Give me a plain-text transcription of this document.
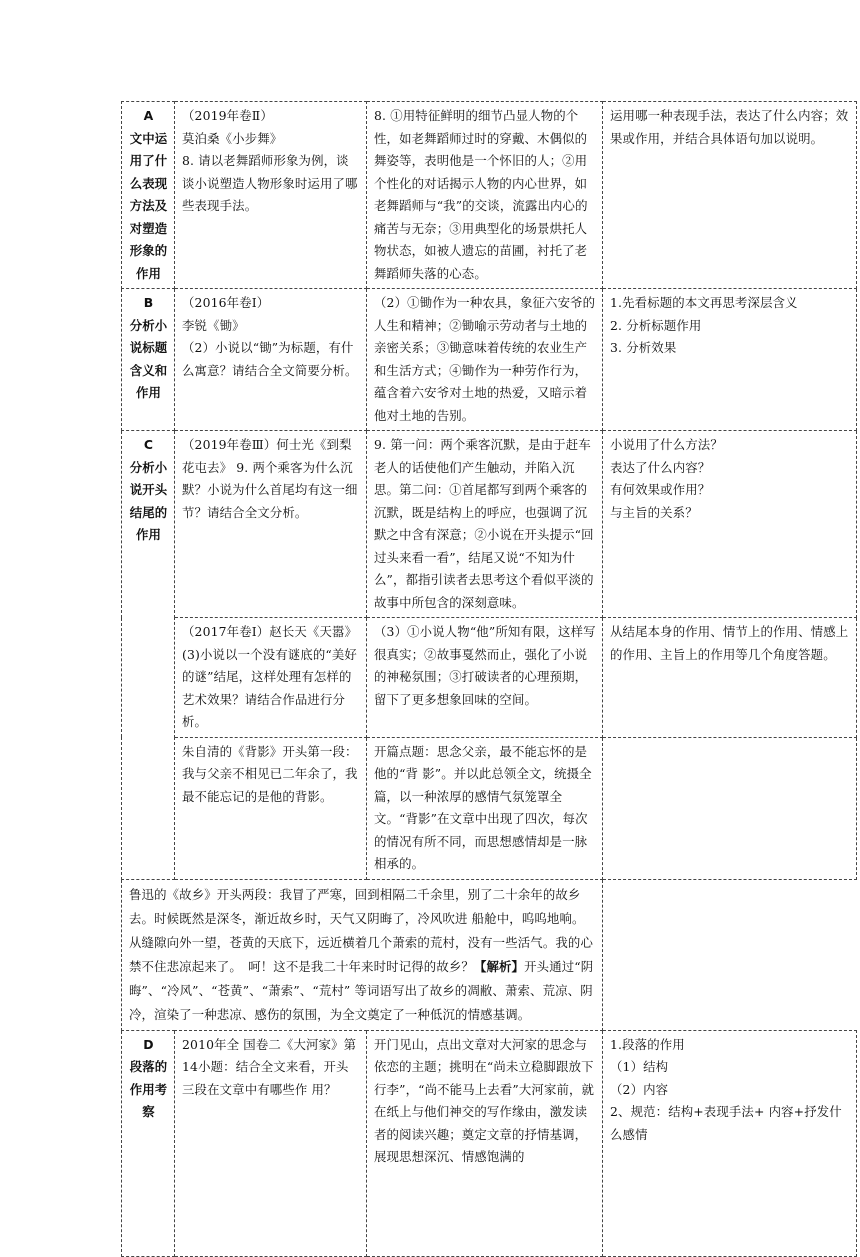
A
文中运用了什么表现方法及对塑造形象的作用	（2019年卷Ⅱ）
莫泊桑《小步舞》
8. 请以老舞蹈师形象为例，谈谈小说塑造人物形象时运用了哪些表现手法。	8. ①用特征鲜明的细节凸显人物的个性，如老舞蹈师过时的穿戴、木偶似的舞姿等，表明他是一个怀旧的人；②用个性化的对话揭示人物的内心世界，如老舞蹈师与“我”的交谈，流露出内心的痛苦与无奈；③用典型化的场景烘托人物状态，如被人遗忘的苗圃，衬托了老舞蹈师失落的心态。	运用哪一种表现手法，表达了什么内容；效果或作用，并结合具体语句加以说明。

B
分析小说标题含义和作用	（2016年卷Ⅰ）
李锐《锄》
（2）小说以“锄”为标题，有什么寓意？请结合全文简要分析。	（2）①锄作为一种农具，象征六安爷的人生和精神；②锄喻示劳动者与土地的亲密关系；③锄意味着传统的农业生产和生活方式；④锄作为一种劳作行为，蕴含着六安爷对土地的热爱，又暗示着他对土地的告别。	1.先看标题的本文再思考深层含义
2. 分析标题作用
3. 分析效果

C
分析小说开头结尾的作用	（2019年卷Ⅲ）何士光《到梨花屯去》 9. 两个乘客为什么沉默？小说为什么首尾均有这一细节？请结合全文分析。	9. 第一问：两个乘客沉默，是由于赶车老人的话使他们产生触动，并陷入沉思。第二问：①首尾都写到两个乘客的沉默，既是结构上的呼应，也强调了沉默之中含有深意；②小说在开头提示“回过头来看一看”，结尾又说“不知为什么”，都指引读者去思考这个看似平淡的故事中所包含的深刻意味。	小说用了什么方法？
表达了什么内容？
有何效果或作用？
与主旨的关系？

	（2017年卷Ⅰ）赵长天《天嚣》 (3)小说以一个没有谜底的“美好的谜”结尾，这样处理有怎样的艺术效果？请结合作品进行分析。	（3）①小说人物“他”所知有限，这样写很真实；②故事戛然而止，强化了小说的神秘氛围；③打破读者的心理预期，留下了更多想象回味的空间。	从结尾本身的作用、情节上的作用、情感上的作用、主旨上的作用等几个角度答题。
	朱自清的《背影》开头第一段：我与父亲不相见已二年余了，我最不能忘记的是他的背影。	开篇点题：思念父亲，最不能忘怀的是他的“背 影”。并以此总领全文，统摄全篇，以一种浓厚的感情气氛笼罩全文。“背影”在文章中出现了四次，每次的情况有所不同，而思想感情却是一脉相承的。	
鲁迅的《故乡》开头两段：我冒了严寒，回到相隔二千余里，别了二十余年的故乡去。时候既然是深冬，渐近故乡时，天气又阴晦了，冷风吹进 船舱中，呜呜地响。从缝隙向外一望，苍黄的天底下，远近横着几个萧索的荒村，没有一些活气。我的心禁不住悲凉起来了。　呵！这不是我二十年来时时记得的故乡？【解析】开头通过“阴晦”、“冷风”、“苍黄”、“萧索”、“荒村” 等词语写出了故乡的凋敝、萧索、荒凉、阴冷，渲染了一种悲凉、感伤的氛围，为全文奠定了一种低沉的情感基调。			

D
段落的作用考察	2010年全 国卷二《大河家》第14小题：结合全文来看，开头三段在文章中有哪些作 用？	开门见山，点出文章对大河家的思念与依恋的主题；挑明在“尚未立稳脚跟放下行李”，“尚不能马上去看”大河家前，就在纸上与他们神交的写作缘由，激发读者的阅读兴趣；奠定文章的抒情基调，展现思想深沉、情感饱满的	1.段落的作用
（1）结构
（2）内容
2、规范：结构+表现手法+ 内容+抒发什么感情
